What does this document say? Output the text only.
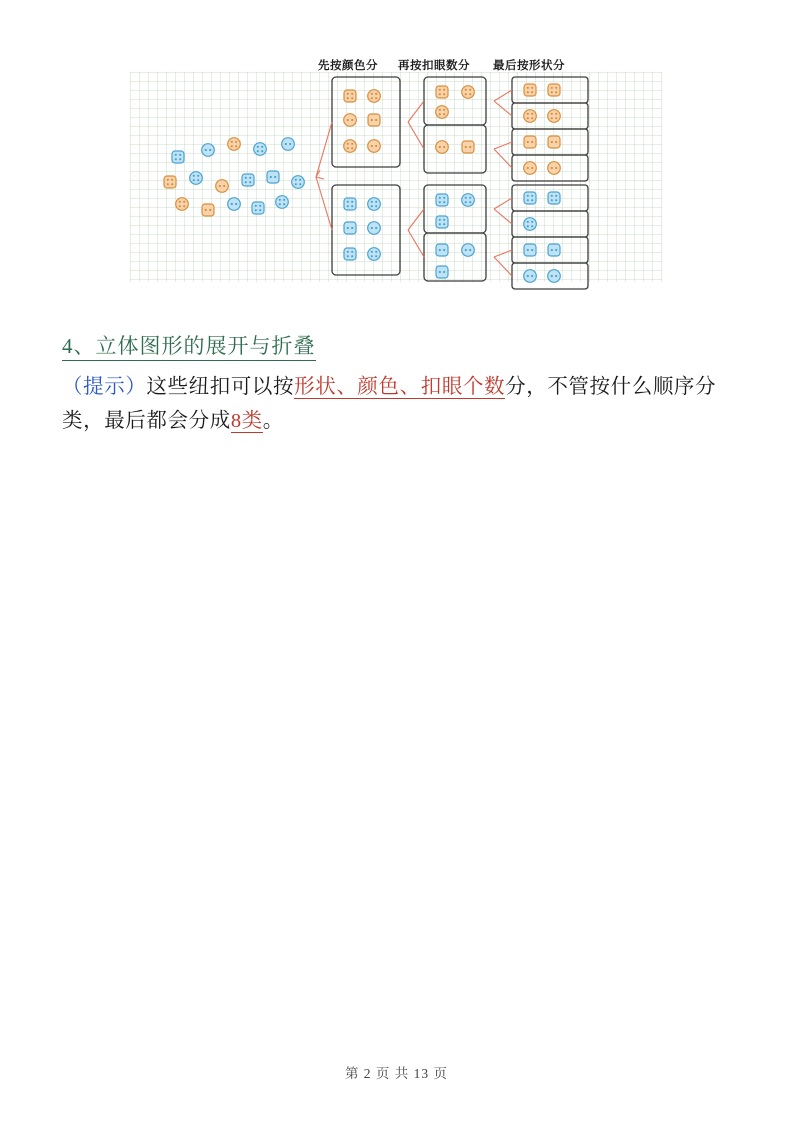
先按颜色分 再按扣眼数分 最后按形状分
4、立体图形的展开与折叠
（提示）这些纽扣可以按形状、颜色、扣眼个数分，不管按什么顺序分类，最后都会分成8类。
第 2 页 共 13 页
